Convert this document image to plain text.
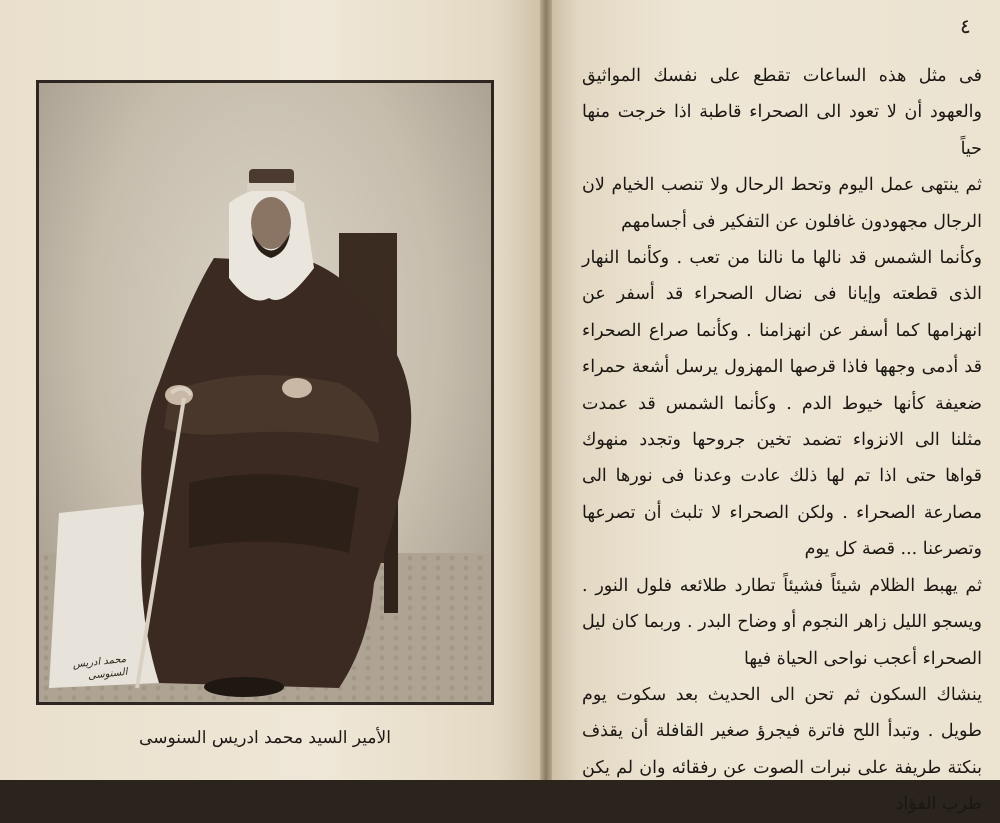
محمد ادريس
السنوسى
الأمير السيد محمد ادريس السنوسى
٤

فى مثل هذه الساعات تقطع على نفسك المواثيق والعهود أن لا تعود الى الصحراء قاطبة اذا خرجت منها حياً

ثم ينتهى عمل اليوم وتحط الرحال ولا تنصب الخيام لان الرجال مجهودون غافلون عن التفكير فى أجسامهم

وكأنما الشمس قد نالها ما نالنا من تعب . وكأنما النهار الذى قطعته وإيانا فى نضال الصحراء قد أسفر عن انهزامها كما أسفر عن انهزامنا . وكأنما صراع الصحراء قد أدمى وجهها فاذا قرصها المهزول يرسل أشعة حمراء ضعيفة كأنها خيوط الدم . وكأنما الشمس قد عمدت مثلنا الى الانزواء تضمد تخين جروحها وتجدد منهوك قواها حتى اذا تم لها ذلك عادت وعدنا فى نورها الى مصارعة الصحراء . ولكن الصحراء لا تلبث أن تصرعها وتصرعنا ... قصة كل يوم

ثم يهبط الظلام شيئاً فشيئاً تطارد طلائعه فلول النور . ويسجو الليل زاهر النجوم أو وضاح البدر . وربما كان ليل الصحراء أعجب نواحى الحياة فيها

ينشاك السكون ثم تحن الى الحديث بعد سكوت يوم طويل . وتبدأ اللح فاترة فيجرؤ صغير القافلة أن يقذف بنكتة طريفة على نبرات الصوت عن رفقائه وان لم يكن طرب الفؤاد
